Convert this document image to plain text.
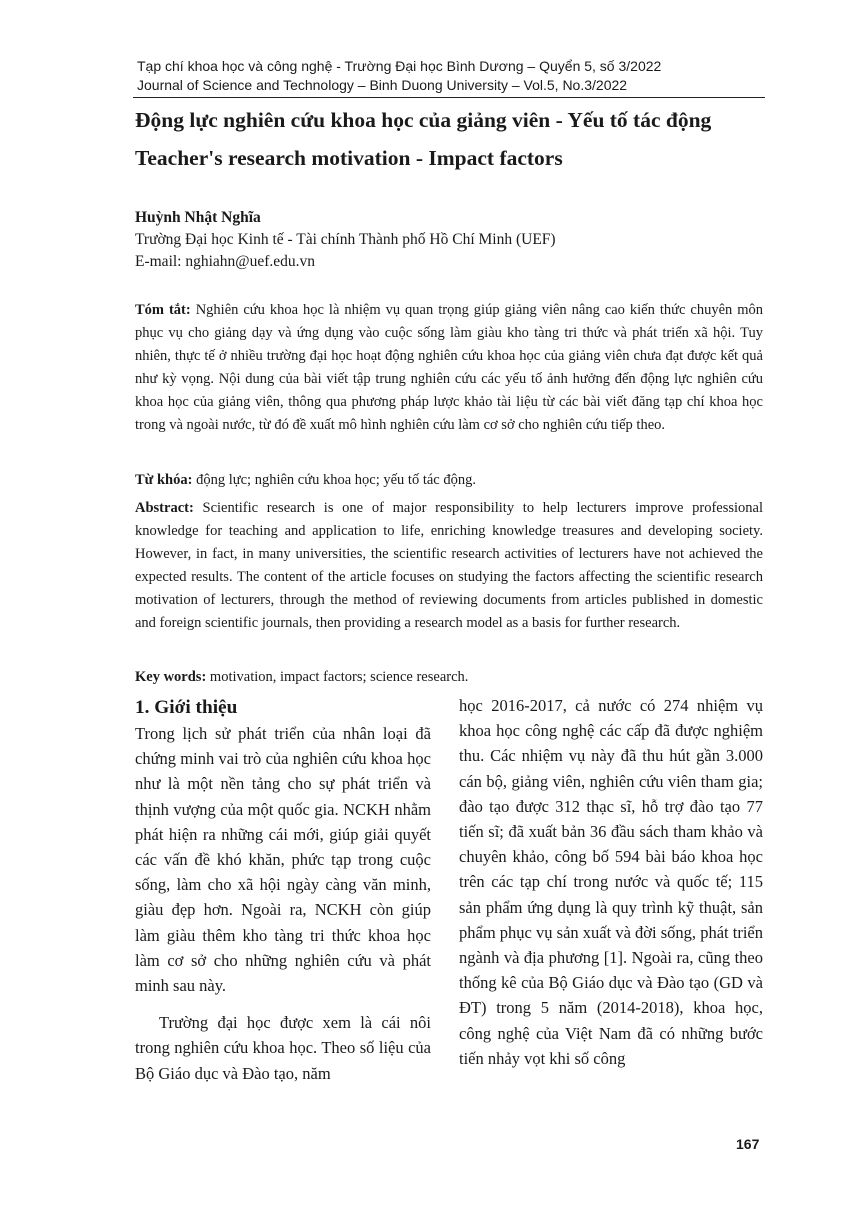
Tạp chí khoa học và công nghệ - Trường Đại học Bình Dương – Quyển 5, số 3/2022
Journal of Science and Technology – Binh Duong University – Vol.5, No.3/2022
Động lực nghiên cứu khoa học của giảng viên - Yếu tố tác động
Teacher's research motivation - Impact factors
Huỳnh Nhật Nghĩa
Trường Đại học Kinh tế - Tài chính Thành phố Hồ Chí Minh (UEF)
E-mail: nghiahn@uef.edu.vn

Tóm tắt: Nghiên cứu khoa học là nhiệm vụ quan trọng giúp giảng viên nâng cao kiến thức chuyên môn phục vụ cho giảng dạy và ứng dụng vào cuộc sống làm giàu kho tàng tri thức và phát triển xã hội. Tuy nhiên, thực tế ở nhiều trường đại học hoạt động nghiên cứu khoa học của giảng viên chưa đạt được kết quả như kỳ vọng. Nội dung của bài viết tập trung nghiên cứu các yếu tố ảnh hưởng đến động lực nghiên cứu khoa học của giảng viên, thông qua phương pháp lược khảo tài liệu từ các bài viết đăng tạp chí khoa học trong và ngoài nước, từ đó đề xuất mô hình nghiên cứu làm cơ sở cho nghiên cứu tiếp theo.

Từ khóa: động lực; nghiên cứu khoa học; yếu tố tác động.

Abstract: Scientific research is one of major responsibility to help lecturers improve professional knowledge for teaching and application to life, enriching knowledge treasures and developing society. However, in fact, in many universities, the scientific research activities of lecturers have not achieved the expected results. The content of the article focuses on studying the factors affecting the scientific research motivation of lecturers, through the method of reviewing documents from articles published in domestic and foreign scientific journals, then providing a research model as a basis for further research.

Key words: motivation, impact factors; science research.

1. Giới thiệu

Trong lịch sử phát triển của nhân loại đã chứng minh vai trò của nghiên cứu khoa học như là một nền tảng cho sự phát triển và thịnh vượng của một quốc gia. NCKH nhằm phát hiện ra những cái mới, giúp giải quyết các vấn đề khó khăn, phức tạp trong cuộc sống, làm cho xã hội ngày càng văn minh, giàu đẹp hơn. Ngoài ra, NCKH còn giúp làm giàu thêm kho tàng tri thức khoa học làm cơ sở cho những nghiên cứu và phát minh sau này.

Trường đại học được xem là cái nôi trong nghiên cứu khoa học. Theo số liệu của Bộ Giáo dục và Đào tạo, năm

học 2016-2017, cả nước có 274 nhiệm vụ khoa học công nghệ các cấp đã được nghiệm thu. Các nhiệm vụ này đã thu hút gần 3.000 cán bộ, giảng viên, nghiên cứu viên tham gia; đào tạo được 312 thạc sĩ, hỗ trợ đào tạo 77 tiến sĩ; đã xuất bản 36 đầu sách tham khảo và chuyên khảo, công bố 594 bài báo khoa học trên các tạp chí trong nước và quốc tế; 115 sản phẩm ứng dụng là quy trình kỹ thuật, sản phẩm phục vụ sản xuất và đời sống, phát triển ngành và địa phương [1]. Ngoài ra, cũng theo thống kê của Bộ Giáo dục và Đào tạo (GD và ĐT) trong 5 năm (2014-2018), khoa học, công nghệ của Việt Nam đã có những bước tiến nhảy vọt khi số công

167
